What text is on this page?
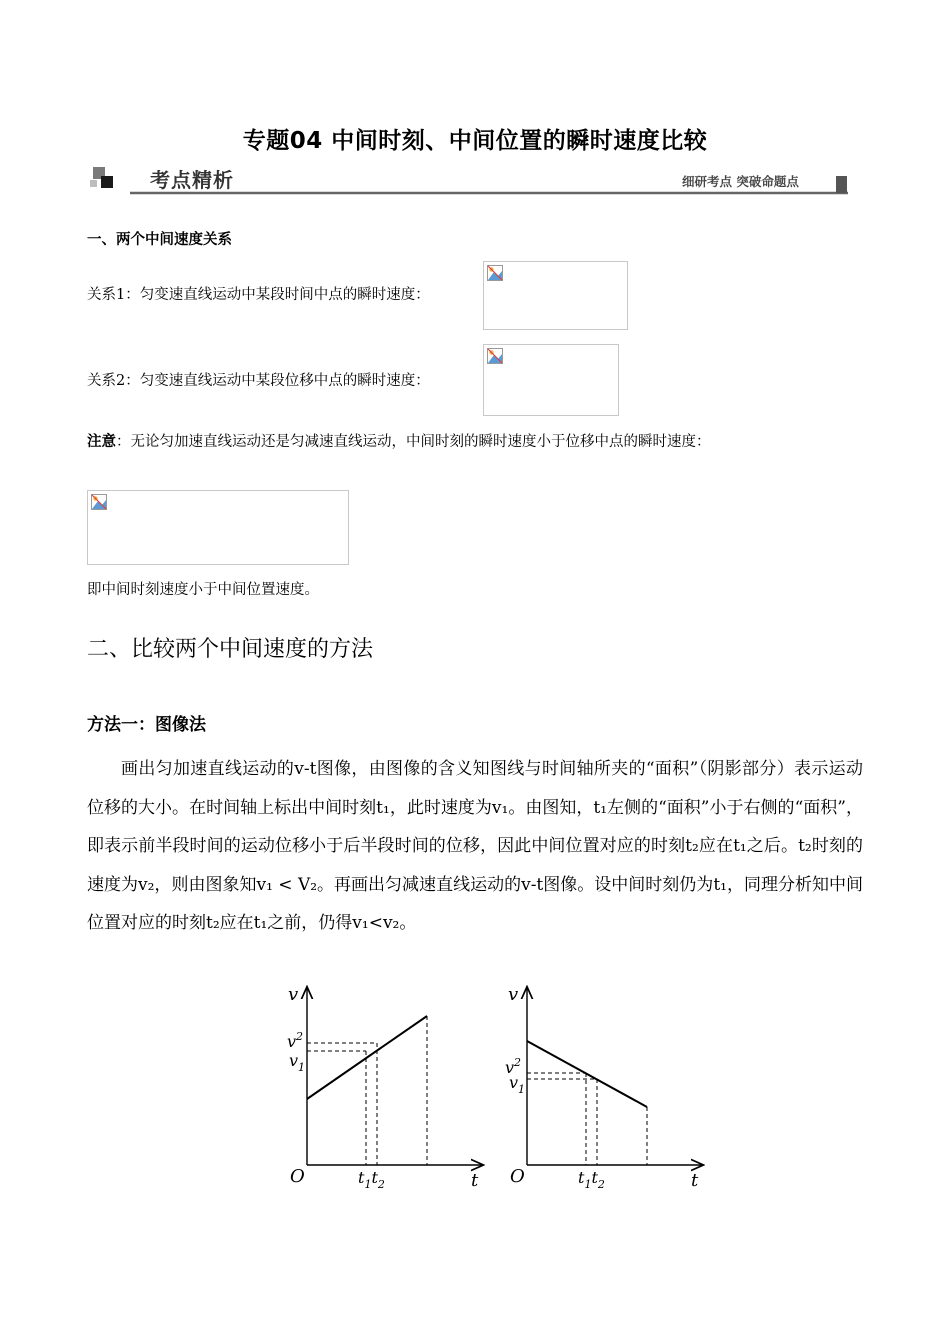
专题04 中间时刻、中间位置的瞬时速度比较
考点精析	细研考点 突破命题点
一、两个中间速度关系
关系1：匀变速直线运动中某段时间中点的瞬时速度：
关系2：匀变速直线运动中某段位移中点的瞬时速度：
注意：无论匀加速直线运动还是匀减速直线运动，中间时刻的瞬时速度小于位移中点的瞬时速度：
即中间时刻速度小于中间位置速度。
二、比较两个中间速度的方法
方法一：图像法
画出匀加速直线运动的v-t图像，由图像的含义知图线与时间轴所夹的“面积”（阴影部分）表示运动位移的大小。在时间轴上标出中间时刻t₁，此时速度为v₁。由图知，t₁左侧的“面积”小于右侧的“面积”，即表示前半段时间的运动位移小于后半段时间的位移，因此中间位置对应的时刻t₂应在t₁之后。t₂时刻的速度为v₂，则由图象知v₁ < V₂。再画出匀减速直线运动的v-t图像。设中间时刻仍为t₁，同理分析知中间位置对应的时刻t₂应在t₁之前，仍得v₁<v₂。
v
t
O
$v^2$
$v_1$
$t_1t_2$
v
t
O
$v^2$
$v_1$
$t_1t_2$
